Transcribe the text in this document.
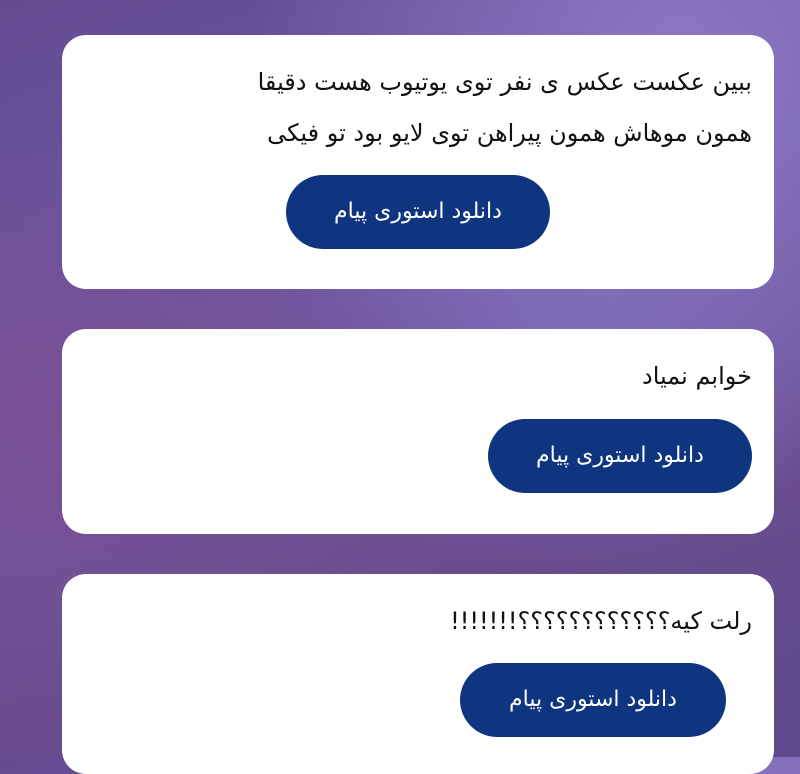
ببین عکست عکس ی نفر توی یوتیوب هست دقیقا
همون موهاش همون پیراهن توی لایو بود تو فیکی
دانلود استوری پیام
خوابم نمیاد
دانلود استوری پیام
رلت کیه؟؟؟؟؟؟؟؟؟؟؟؟!!!!!!!
دانلود استوری پیام
